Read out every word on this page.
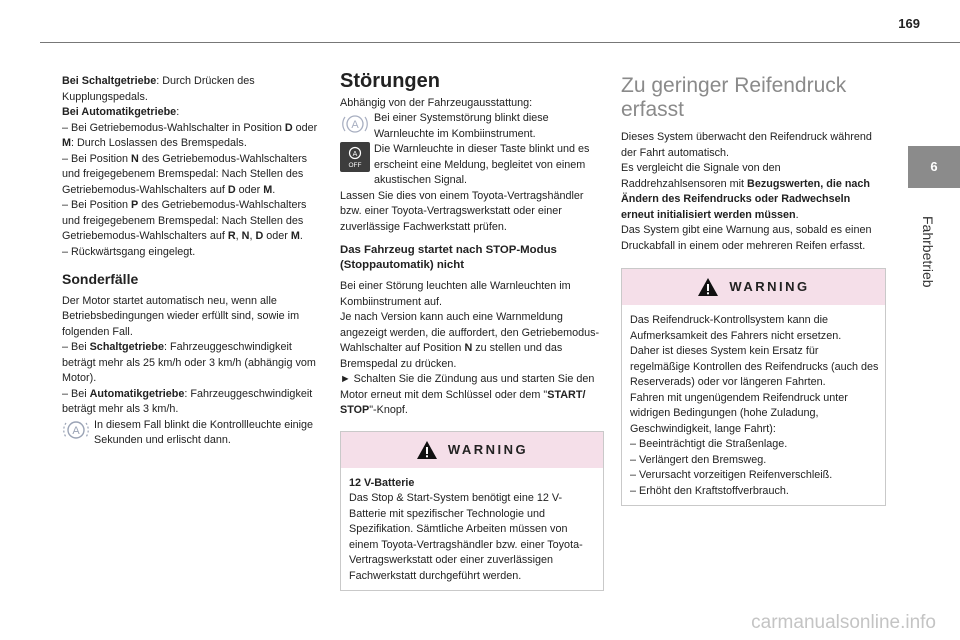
169
6
Fahrbetrieb

Bei Schaltgetriebe: Durch Drücken des Kupplungspedals.

Bei Automatikgetriebe:

– Bei Getriebemodus-Wahlschalter in Position D oder M: Durch Loslassen des Bremspedals.

– Bei Position N des Getriebemodus-Wahlschalters und freigegebenem Bremspedal: Nach Stellen des Getriebemodus-Wahlschalters auf D oder M.

– Bei Position P des Getriebemodus-Wahlschalters und freigegebenem Bremspedal: Nach Stellen des Getriebemodus-Wahlschalters auf R, N, D oder M.

– Rückwärtsgang eingelegt.

Sonderfälle

Der Motor startet automatisch neu, wenn alle Betriebsbedingungen wieder erfüllt sind, sowie im folgenden Fall.

– Bei Schaltgetriebe: Fahrzeuggeschwindigkeit beträgt mehr als 25 km/h oder 3 km/h (abhängig vom Motor).

– Bei Automatikgetriebe: Fahrzeuggeschwindigkeit beträgt mehr als 3 km/h.

A In diesem Fall blinkt die Kontrollleuchte einige Sekunden und erlischt dann.

Störungen

Abhängig von der Fahrzeugausstattung:

A

Bei einer Systemstörung blinkt diese Warnleuchte im Kombiinstrument.

A
OFF

Die Warnleuchte in dieser Taste blinkt und es erscheint eine Meldung, begleitet von einem akustischen Signal.

Lassen Sie dies von einem Toyota-Vertragshändler bzw. einer Toyota-Vertragswerkstatt oder einer zuverlässige Fachwerkstatt prüfen.

Das Fahrzeug startet nach STOP-Modus (Stoppautomatik) nicht

Bei einer Störung leuchten alle Warnleuchten im Kombiinstrument auf.

Je nach Version kann auch eine Warnmeldung angezeigt werden, die auffordert, den Getriebemodus-Wahlschalter auf Position N zu stellen und das Bremspedal zu drücken.

► Schalten Sie die Zündung aus und starten Sie den Motor erneut mit dem Schlüssel oder dem "START/ STOP"-Knopf.

WARNING

12 V-Batterie

Das Stop & Start-System benötigt eine 12 V-Batterie mit spezifischer Technologie und Spezifikation. Sämtliche Arbeiten müssen von einem Toyota-Vertragshändler bzw. einer Toyota-Vertragswerkstatt oder einer zuverlässigen Fachwerkstatt durchgeführt werden.

Zu geringer Reifendruck erfasst

Dieses System überwacht den Reifendruck während der Fahrt automatisch.

Es vergleicht die Signale von den Raddrehzahlsensoren mit Bezugswerten, die nach Ändern des Reifendrucks oder Radwechseln erneut initialisiert werden müssen.

Das System gibt eine Warnung aus, sobald es einen Druckabfall in einem oder mehreren Reifen erfasst.

WARNING

Das Reifendruck-Kontrollsystem kann die Aufmerksamkeit des Fahrers nicht ersetzen.

Daher ist dieses System kein Ersatz für regelmäßige Kontrollen des Reifendrucks (auch des Reserverads) oder vor längeren Fahrten.

Fahren mit ungenügendem Reifendruck unter widrigen Bedingungen (hohe Zuladung, Geschwindigkeit, lange Fahrt):

– Beeinträchtigt die Straßenlage.

– Verlängert den Bremsweg.

– Verursacht vorzeitigen Reifenverschleiß.

– Erhöht den Kraftstoffverbrauch.

carmanualsonline.info
